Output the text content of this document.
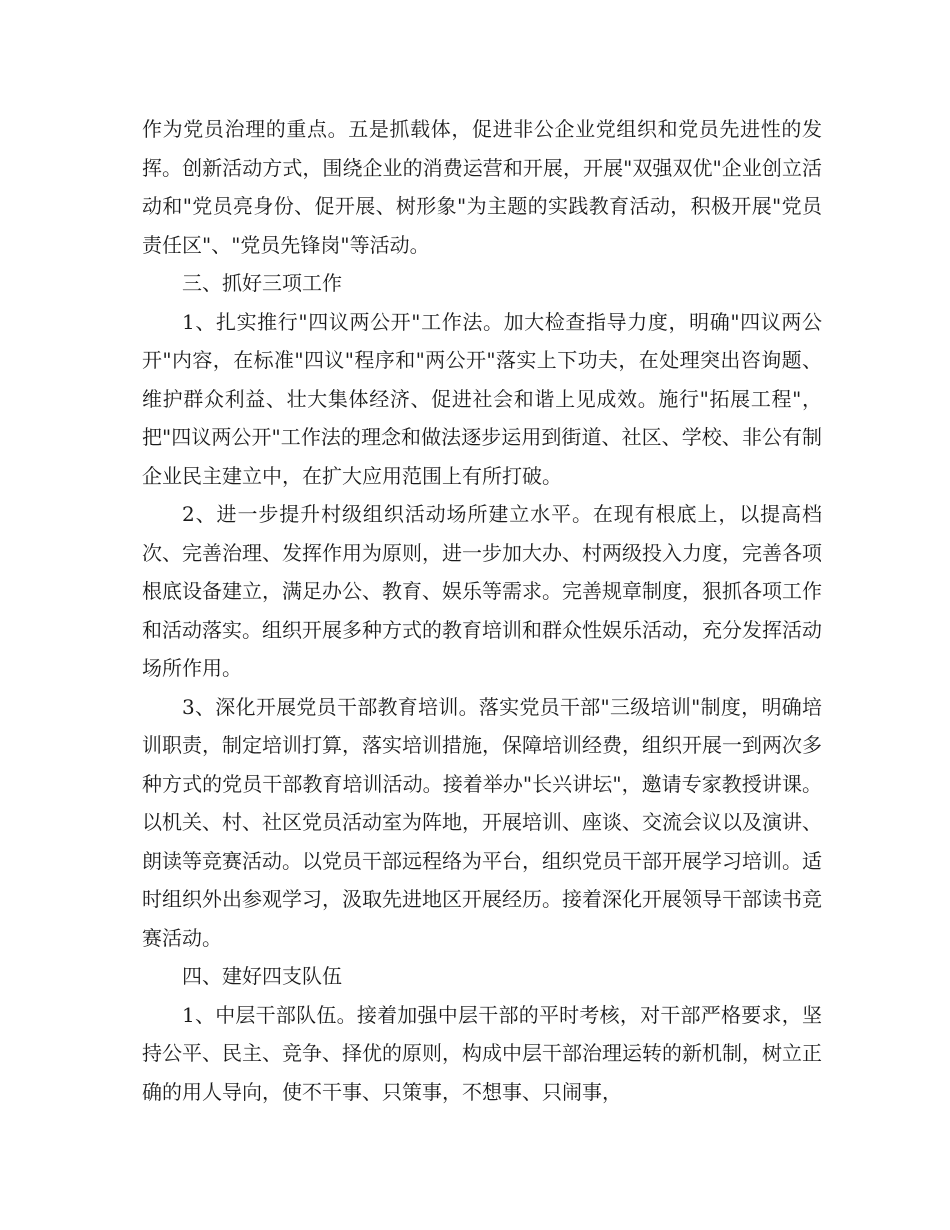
作为党员治理的重点。五是抓载体，促进非公企业党组织和党员先进性的发挥。创新活动方式，围绕企业的消费运营和开展，开展"双强双优"企业创立活动和"党员亮身份、促开展、树形象"为主题的实践教育活动，积极开展"党员责任区"、"党员先锋岗"等活动。

三、抓好三项工作

1、扎实推行"四议两公开"工作法。加大检查指导力度，明确"四议两公开"内容，在标准"四议"程序和"两公开"落实上下功夫，在处理突出咨询题、维护群众利益、壮大集体经济、促进社会和谐上见成效。施行"拓展工程"，把"四议两公开"工作法的理念和做法逐步运用到街道、社区、学校、非公有制企业民主建立中，在扩大应用范围上有所打破。

2、进一步提升村级组织活动场所建立水平。在现有根底上，以提高档次、完善治理、发挥作用为原则，进一步加大办、村两级投入力度，完善各项根底设备建立，满足办公、教育、娱乐等需求。完善规章制度，狠抓各项工作和活动落实。组织开展多种方式的教育培训和群众性娱乐活动，充分发挥活动场所作用。

3、深化开展党员干部教育培训。落实党员干部"三级培训"制度，明确培训职责，制定培训打算，落实培训措施，保障培训经费，组织开展一到两次多种方式的党员干部教育培训活动。接着举办"长兴讲坛"，邀请专家教授讲课。以机关、村、社区党员活动室为阵地，开展培训、座谈、交流会议以及演讲、朗读等竞赛活动。以党员干部远程络为平台，组织党员干部开展学习培训。适时组织外出参观学习，汲取先进地区开展经历。接着深化开展领导干部读书竞赛活动。

四、建好四支队伍

1、中层干部队伍。接着加强中层干部的平时考核，对干部严格要求，坚持公平、民主、竞争、择优的原则，构成中层干部治理运转的新机制，树立正确的用人导向，使不干事、只策事，不想事、只闹事，
